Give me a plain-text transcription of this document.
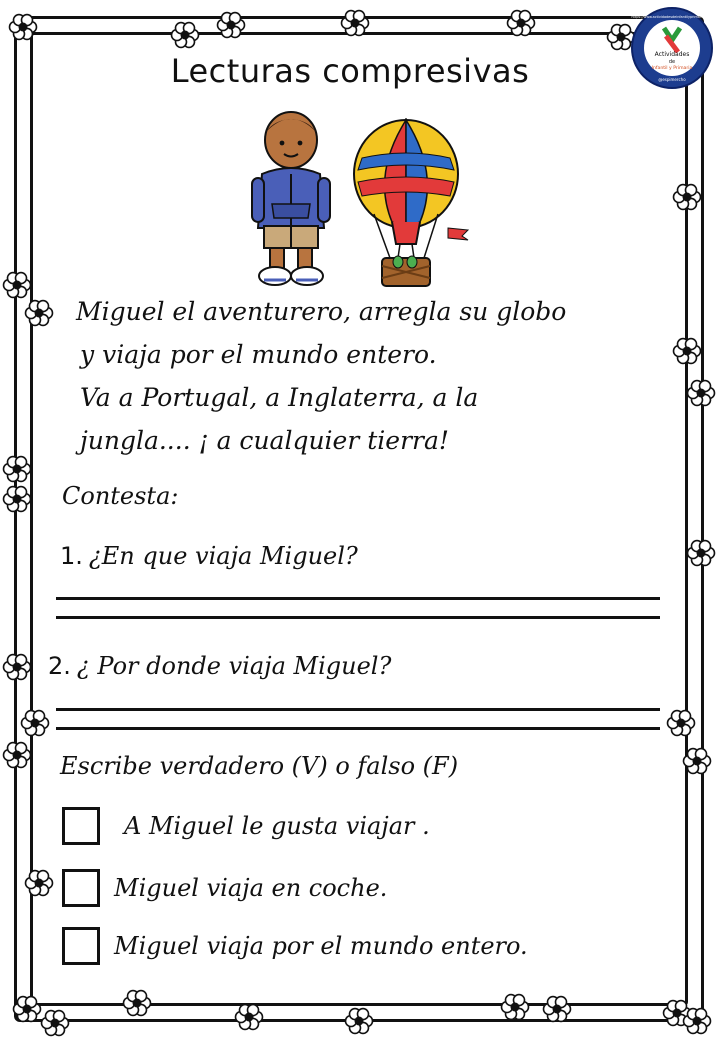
Actividades
de
Infantil y Primaria
@espimercho
https://www.actividadesdeinfantilyprimaria.com
Lecturas compresivas
Miguel el aventurero, arregla su globo
y viaja por el mundo entero.
Va a Portugal, a Inglaterra, a la
jungla.... ¡ a cualquier tierra!
Contesta:
1. ¿En que viaja Miguel?
2. ¿ Por donde viaja Miguel?
Escribe verdadero (V) o falso (F)
A Miguel le gusta viajar .
Miguel viaja en coche.
Miguel viaja por el mundo entero.
